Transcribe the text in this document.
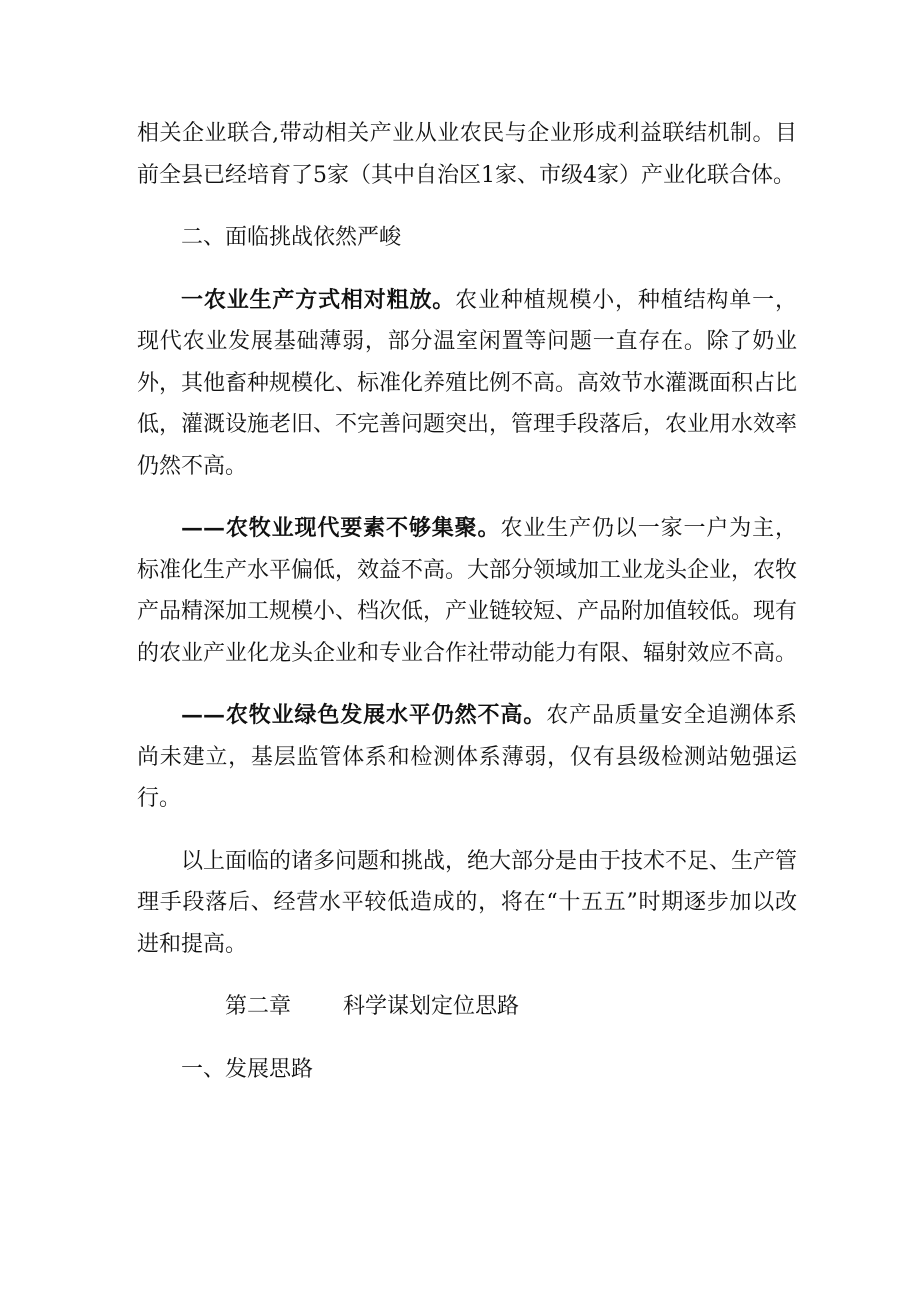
相关企业联合,带动相关产业从业农民与企业形成利益联结机制。目前全县已经培育了5家（其中自治区1家、市级4家）产业化联合体。

二、面临挑战依然严峻

一农业生产方式相对粗放。农业种植规模小，种植结构单一，现代农业发展基础薄弱，部分温室闲置等问题一直存在。除了奶业外，其他畜种规模化、标准化养殖比例不高。高效节水灌溉面积占比低，灌溉设施老旧、不完善问题突出，管理手段落后，农业用水效率仍然不高。

——农牧业现代要素不够集聚。农业生产仍以一家一户为主，标准化生产水平偏低，效益不高。大部分领域加工业龙头企业，农牧产品精深加工规模小、档次低，产业链较短、产品附加值较低。现有的农业产业化龙头企业和专业合作社带动能力有限、辐射效应不高。

——农牧业绿色发展水平仍然不高。农产品质量安全追溯体系尚未建立，基层监管体系和检测体系薄弱，仅有县级检测站勉强运行。

以上面临的诸多问题和挑战，绝大部分是由于技术不足、生产管理手段落后、经营水平较低造成的，将在“十五五”时期逐步加以改进和提高。

第二章 科学谋划定位思路

一、发展思路
